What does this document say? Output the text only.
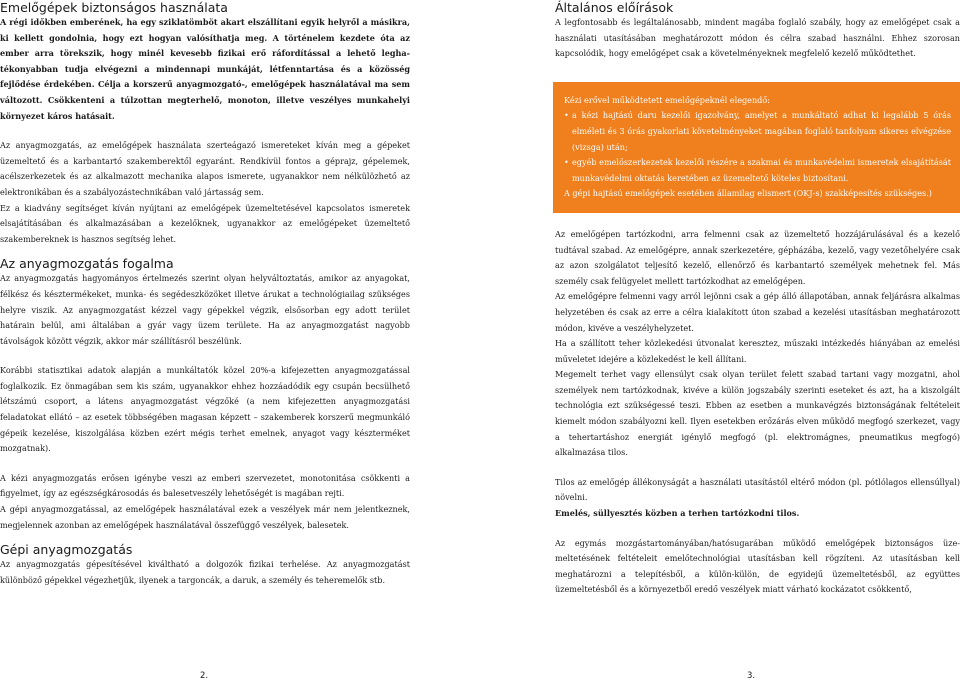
Emelőgépek biztonságos használata

A régi időkben emberének, ha egy sziklatömböt akart elszállítani egyik helyről a másikra, ki kellett gondolnia, hogy ezt hogyan valósíthatja meg. A történelem kezdete óta az ember arra törekszik, hogy minél kevesebb fizikai erő ráfordítással a lehető leghatékonyabban tudja elvégezni a mindennapi munkáját, létfenntartása és a közösség fejlődése érdekében. Célja a korszerű anyagmozgató-, emelőgépek használatával ma sem változott. Csökkenteni a túlzottan megterhelő, monoton, illetve veszélyes munkahelyi környezet káros hatásait.

Az anyagmozgatás, az emelőgépek használata szerteágazó ismereteket kíván meg a gépeket üzemeltető és a karbantartó szakemberektől egyaránt. Rendkívül fontos a géprajz, gépelemek, acélszerkezetek és az alkalmazott mechanika alapos ismerete, ugyanakkor nem nélkülözhető az elektronikában és a szabályozástechnikában való jártasság sem.

Ez a kiadvány segítséget kíván nyújtani az emelőgépek üzemeltetésével kapcsolatos ismeretek elsajátításában és alkalmazásában a kezelőknek, ugyanakkor az emelőgépeket üzemeltető szakembereknek is hasznos segítség lehet.

Az anyagmozgatás fogalma

Az anyagmozgatás hagyományos értelmezés szerint olyan helyváltoztatás, amikor az anyagokat, félkész és késztermékeket, munka- és segédeszközöket illetve árukat a technológiailag szükséges helyre viszik. Az anyagmozgatást kézzel vagy gépekkel végzik, elsősorban egy adott terület határain belül, ami általában a gyár vagy üzem területe. Ha az anyagmozgatást nagyobb távolságok között végzik, akkor már szállításról beszélünk.

Korábbi statisztikai adatok alapján a munkáltatók közel 20%-a kifejezetten anyagmozgatással foglalkozik. Ez önmagában sem kis szám, ugyanakkor ehhez hozzáadódik egy csupán becsülhető létszámú csoport, a látens anyagmozgatást végzőké (a nem kifejezetten anyagmozgatási feladatokat ellátó – az esetek többségében magasan képzett – szakemberek korszerű megmunkáló gépeik kezelése, kiszolgálása közben ezért mégis terhet emelnek, anyagot vagy készterméket mozgatnak).

A kézi anyagmozgatás erősen igénybe veszi az emberi szervezetet, monotonitása csökkenti a figyelmet, így az egészségkárosodás és balesetveszély lehetőségét is magában rejti.

A gépi anyagmozgatással, az emelőgépek használatával ezek a veszélyek már nem jelentkeznek, megjelennek azonban az emelőgépek használatával összefüggő veszélyek, balesetek.

Gépi anyagmozgatás

Az anyagmozgatás gépesítésével kiváltható a dolgozók fizikai terhelése. Az anyagmozgatást különböző gépekkel végezhetjük, ilyenek a targoncák, a daruk, a személy és teheremelők stb.

2.
Általános előírások

A legfontosabb és legáltalánosabb, mindent magába foglaló szabály, hogy az emelőgépet csak a használati utasításában meghatározott módon és célra szabad használni. Ehhez szorosan kapcsolódik, hogy emelőgépet csak a követelményeknek megfelelő kezelő működtethet.

Kézi erővel működtetett emelőgépeknél elegendő:

• a kézi hajtású daru kezelői igazolvány, amelyet a munkáltató adhat ki legalább 5 órás elméleti és 3 órás gyakorlati követelményeket magában foglaló tanfolyam sikeres elvégzése (vizsga) után;
• egyéb emelőszerkezetek kezelői részére a szakmai és munkavédelmi ismeretek elsajátítását munkavédelmi oktatás keretében az üzemeltető köteles biztosítani.

A gépi hajtású emelőgépek esetében államilag elismert (OKJ-s) szakképesítés szükséges.)

Az emelőgépen tartózkodni, arra felmenni csak az üzemeltető hozzájárulásával és a kezelő tudtával szabad. Az emelőgépre, annak szerkezetére, gépházába, kezelő, vagy vezetőhelyére csak az azon szolgálatot teljesítő kezelő, ellenőrző és karbantartó személyek mehetnek fel. Más személy csak felügyelet mellett tartózkodhat az emelőgépen.

Az emelőgépre felmenni vagy arról lejönni csak a gép álló állapotában, annak feljárásra alkalmas helyzetében és csak az erre a célra kialakított úton szabad a kezelési utasításban meghatározott módon, kivéve a veszélyhelyzetet.

Ha a szállított teher közlekedési útvonalat keresztez, műszaki intézkedés hiányában az emelési műveletet idejére a közlekedést le kell állítani.

Megemelt terhet vagy ellensúlyt csak olyan terület felett szabad tartani vagy mozgatni, ahol személyek nem tartózkodnak, kivéve a külön jogszabály szerinti eseteket és azt, ha a kiszolgált technológia ezt szükségessé teszi. Ebben az esetben a munkavégzés biztonságának feltételeit kiemelt módon szabályozni kell. Ilyen esetekben erőzárás elven működő megfogó szerkezet, vagy a tehertartáshoz energiát igénylő megfogó (pl. elektromágnes, pneumatikus megfogó) alkalmazása tilos.

Tilos az emelőgép állékonyságát a használati utasítástól eltérő módon (pl. pótlólagos ellensúllyal) növelni.

Emelés, süllyesztés közben a terhen tartózkodni tilos.

Az egymás mozgástartományában/hatósugarában működő emelőgépek biztonságos üzemeltetésének feltételeit emelőtechnológiai utasításban kell rögzíteni. Az utasításban kell meghatározni a telepítésből, a külön-külön, de egyidejű üzemeltetésből, az együttes üzemeltetésből és a környezetből eredő veszélyek miatt várható kockázatot csökkentő,

3.
